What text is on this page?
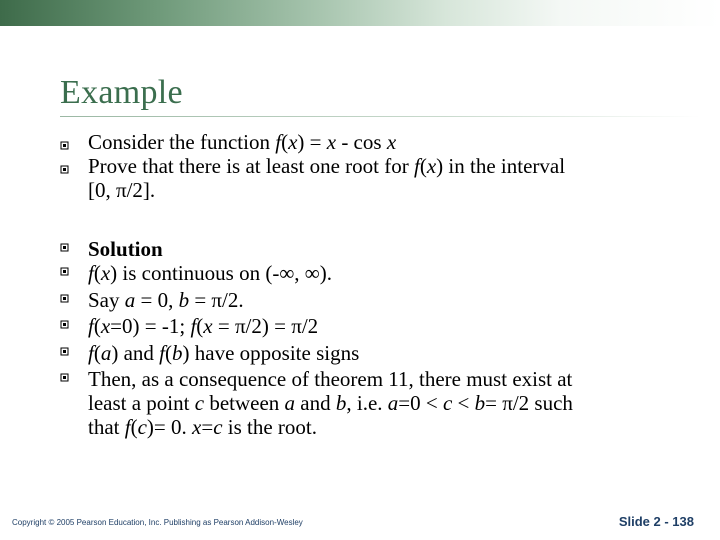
Example
Consider the function f(x) = x - cos x
Prove that there is at least one root for f(x) in the interval
[0, π/2].
Solution
f(x) is continuous on (-∞, ∞).
Say a = 0, b = π/2.
f(x=0) = -1; f(x = π/2) = π/2
f(a) and f(b) have opposite signs
Then, as a consequence of theorem 11, there must exist at
least a point c between a and b, i.e. a=0 < c < b= π/2 such
that f(c)= 0. x=c is the root.
Copyright © 2005 Pearson Education, Inc. Publishing as Pearson Addison-Wesley	Slide 2 - 138
